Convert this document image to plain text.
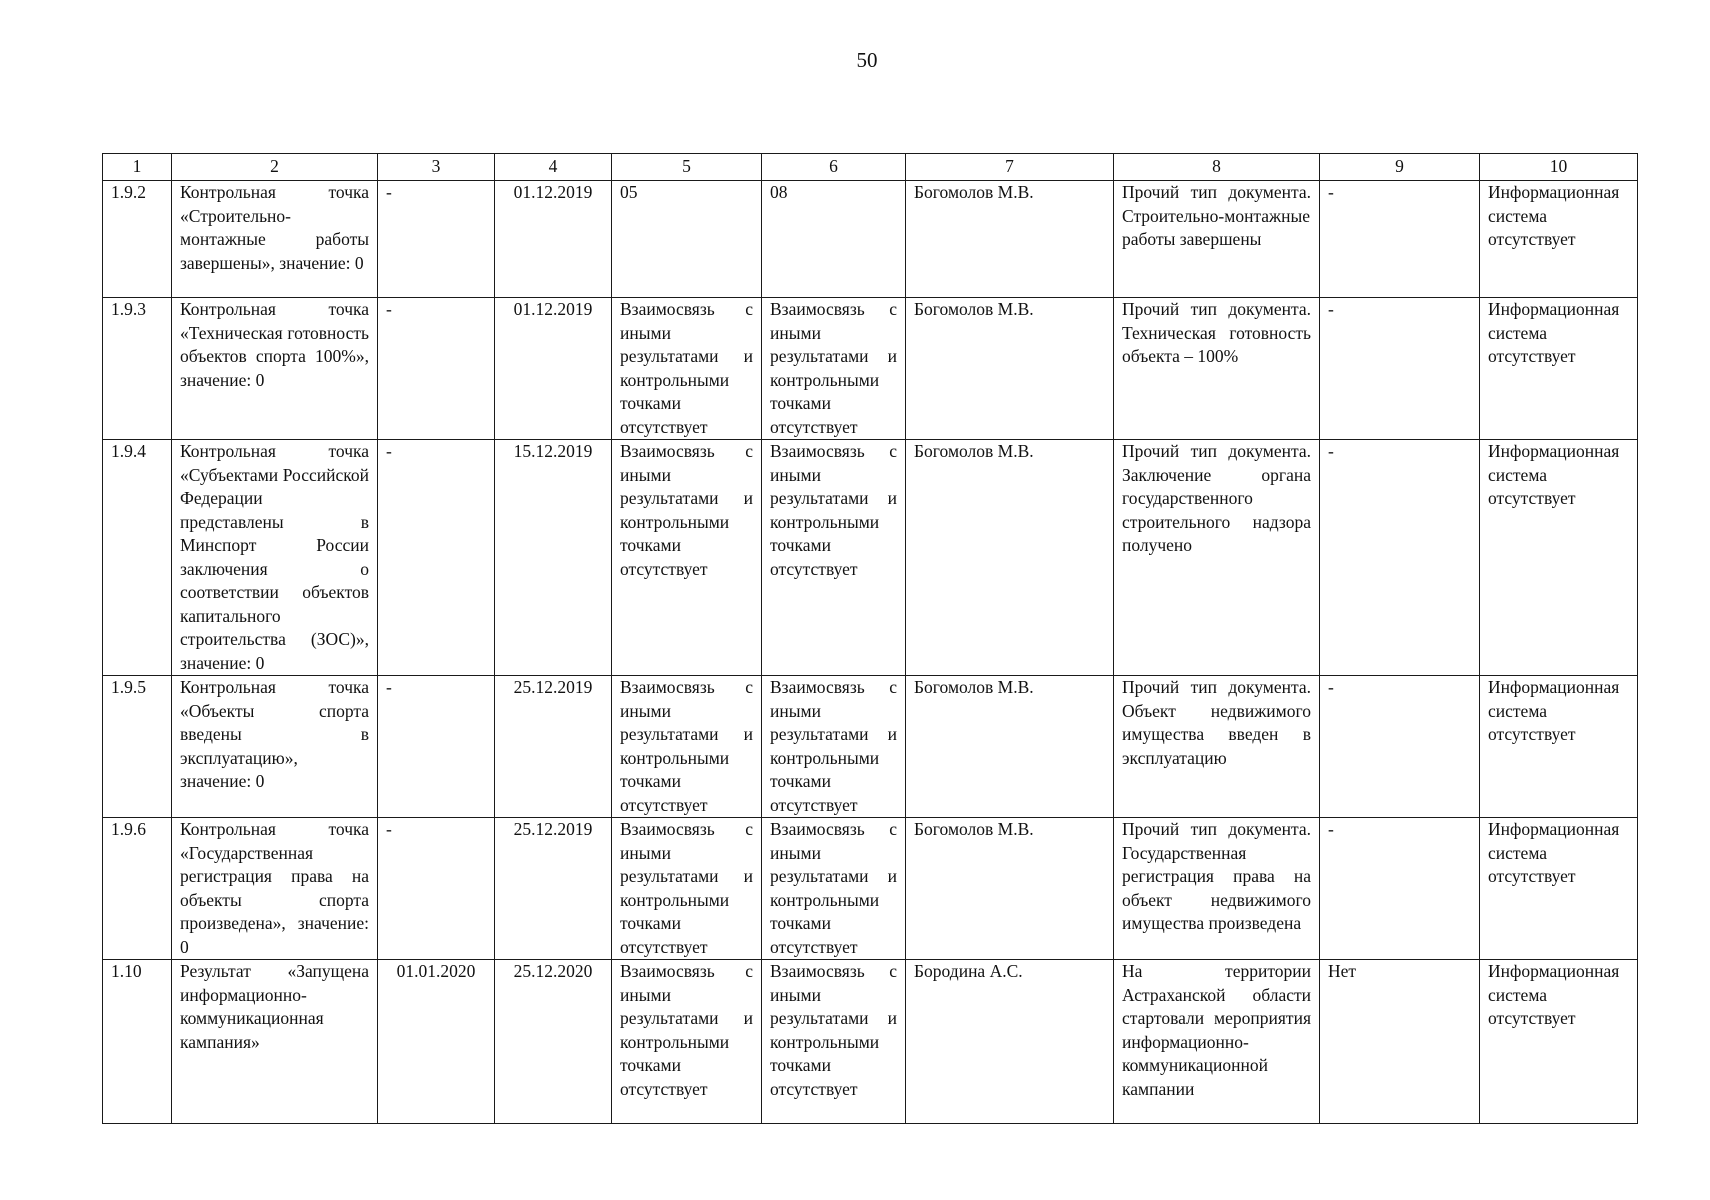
50
1	2	3	4	5	6	7	8	9	10
1.9.2	Контрольная точка «Строительно-монтажные работы завершены», значение: 0	-	01.12.2019	05	08	Богомолов М.В.	Прочий тип документа. Строительно-монтажные работы завершены	-	Информационная система отсутствует
1.9.3	Контрольная точка «Техническая готовность объектов спорта 100%», значение: 0	-	01.12.2019	Взаимосвязь с иными результатами и контрольными точками отсутствует	Взаимосвязь с иными результатами и контрольными точками отсутствует	Богомолов М.В.	Прочий тип документа. Техническая готовность объекта – 100%	-	Информационная система отсутствует
1.9.4	Контрольная точка «Субъектами Российской Федерации представлены в Минспорт России заключения о соответствии объектов капитального строительства (ЗОС)», значение: 0	-	15.12.2019	Взаимосвязь с иными результатами и контрольными точками отсутствует	Взаимосвязь с иными результатами и контрольными точками отсутствует	Богомолов М.В.	Прочий тип документа. Заключение органа государственного строительного надзора получено	-	Информационная система отсутствует
1.9.5	Контрольная точка «Объекты спорта введены в эксплуатацию», значение: 0	-	25.12.2019	Взаимосвязь с иными результатами и контрольными точками отсутствует	Взаимосвязь с иными результатами и контрольными точками отсутствует	Богомолов М.В.	Прочий тип документа. Объект недвижимого имущества введен в эксплуатацию	-	Информационная система отсутствует
1.9.6	Контрольная точка «Государственная регистрация права на объекты спорта произведена», значение: 0	-	25.12.2019	Взаимосвязь с иными результатами и контрольными точками отсутствует	Взаимосвязь с иными результатами и контрольными точками отсутствует	Богомолов М.В.	Прочий тип документа. Государственная регистрация права на объект недвижимого имущества произведена	-	Информационная система отсутствует
1.10	Результат «Запущена информационно-коммуникационная кампания»	01.01.2020	25.12.2020	Взаимосвязь с иными результатами и контрольными точками отсутствует	Взаимосвязь с иными результатами и контрольными точками отсутствует	Бородина А.С.	На территории Астраханской области стартовали мероприятия информационно-коммуникационной кампании	Нет	Информационная система отсутствует
